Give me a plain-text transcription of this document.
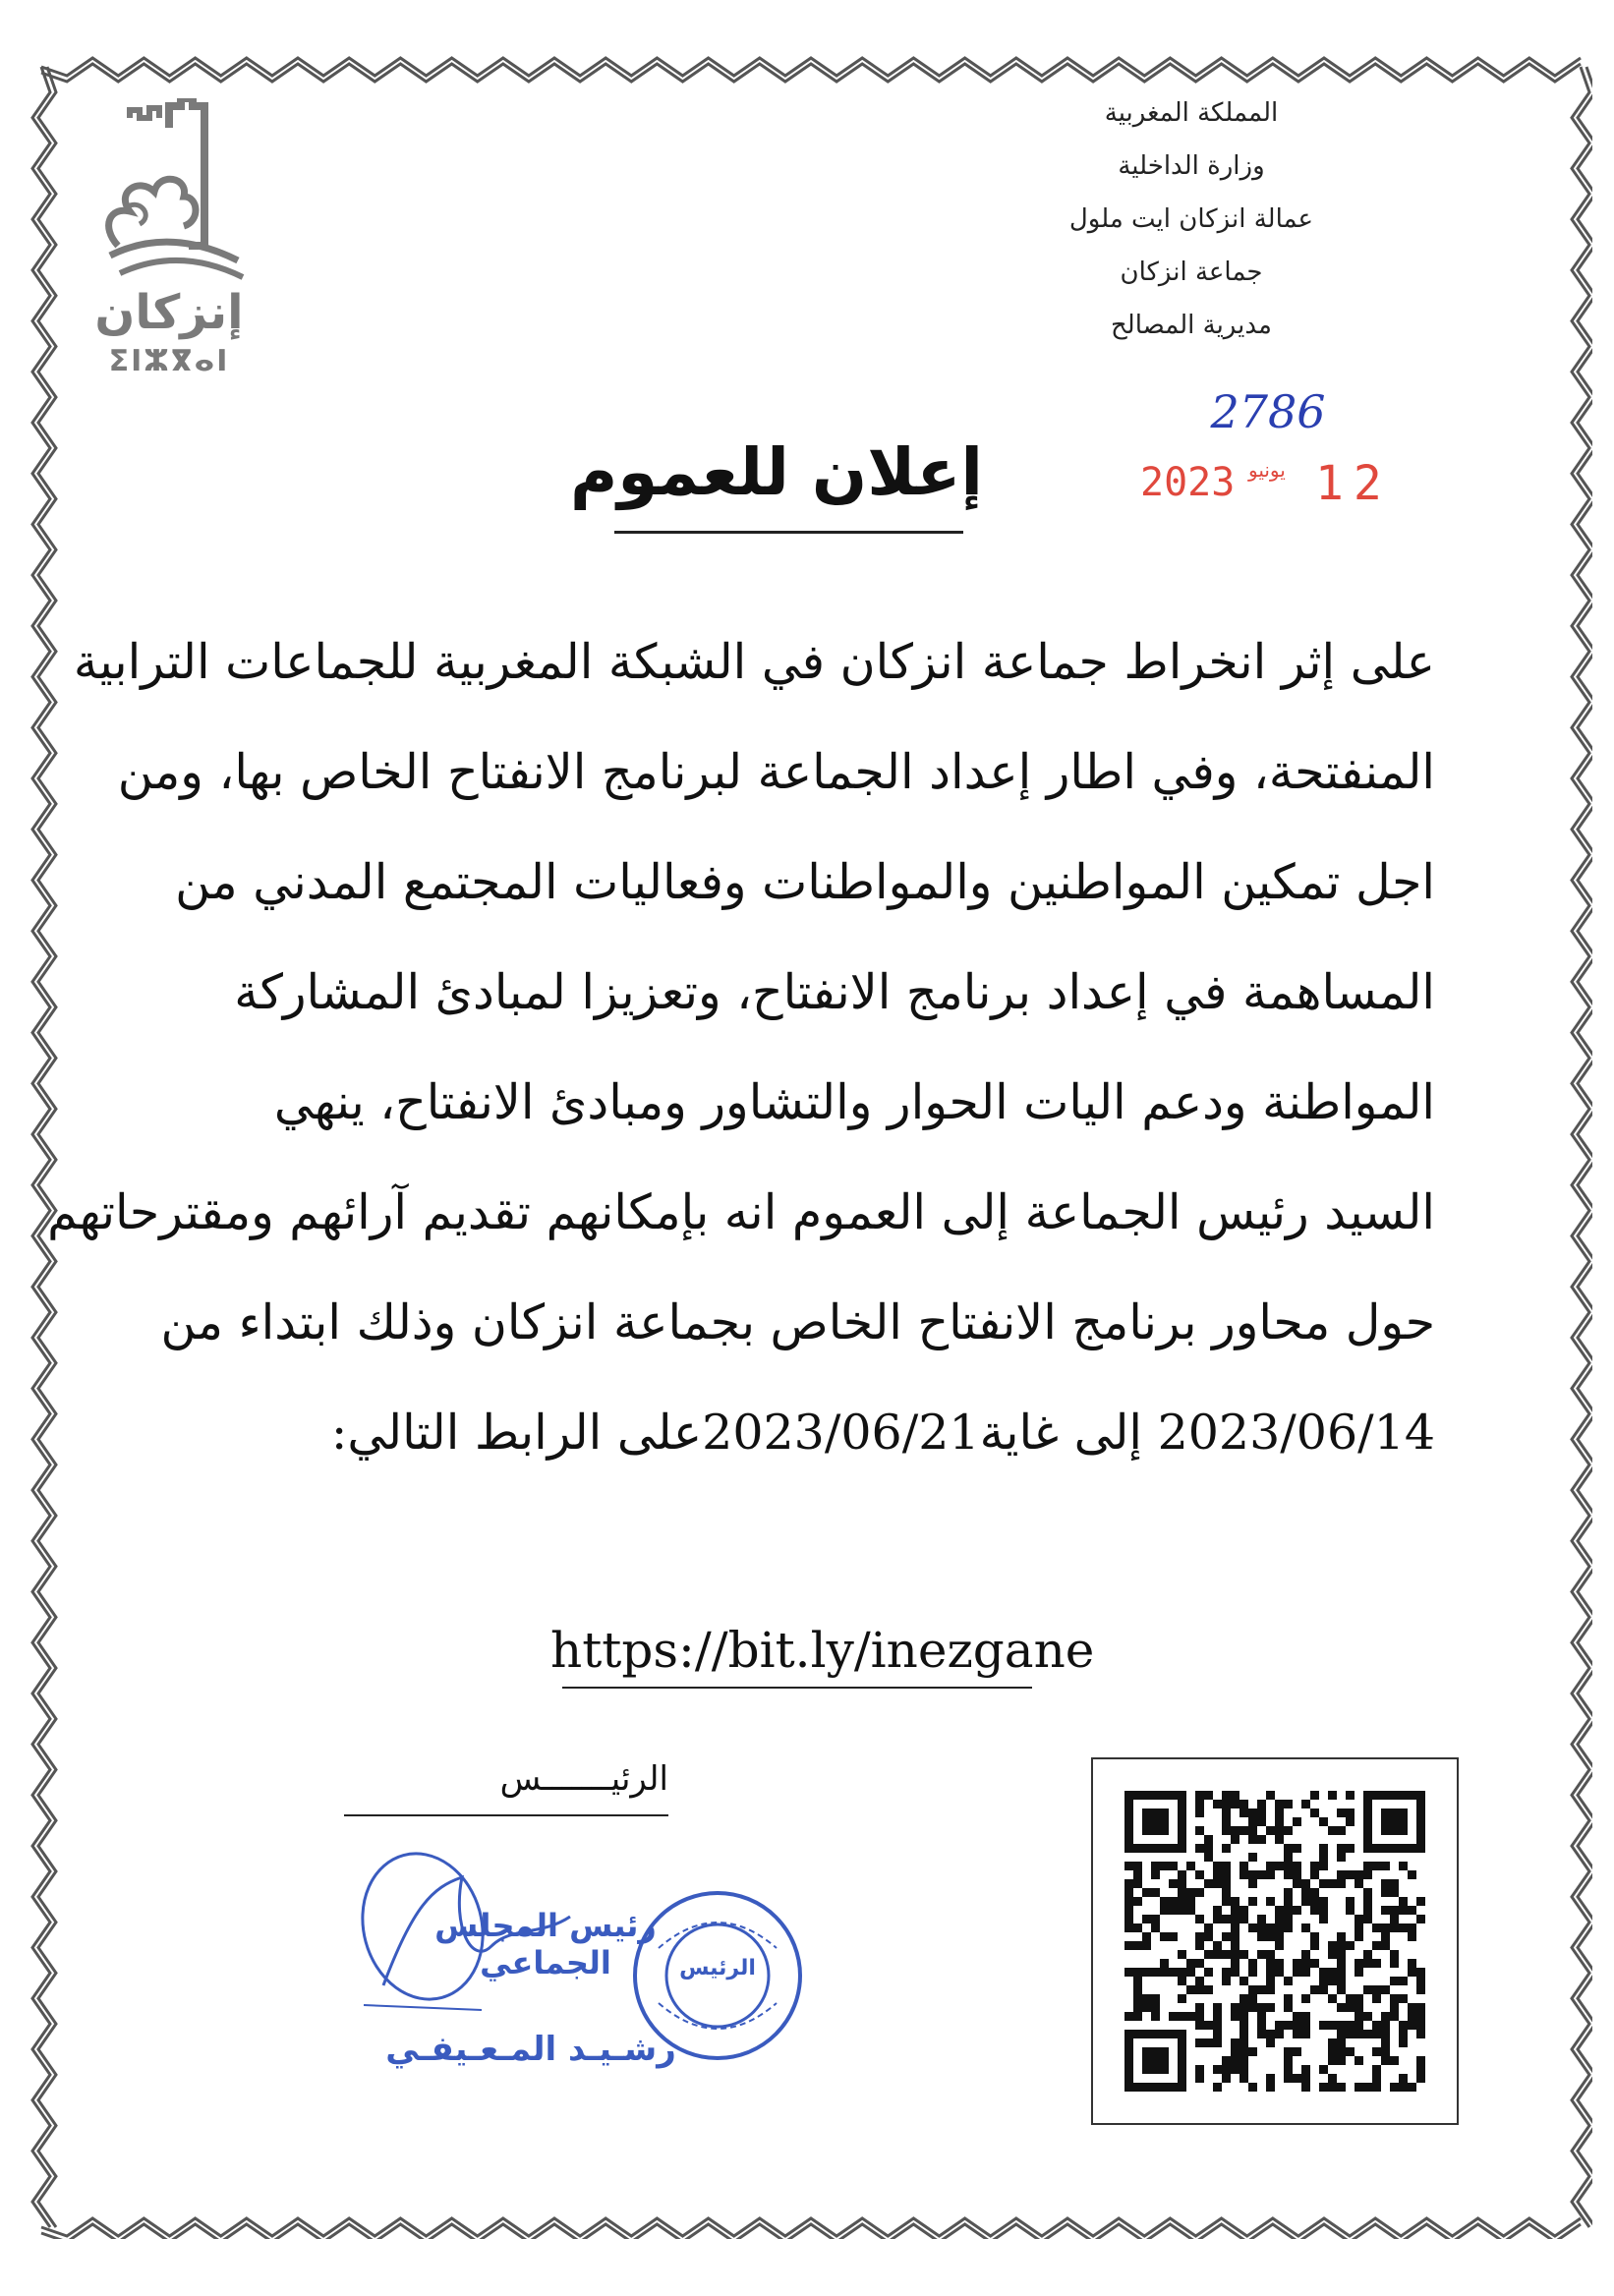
إنزكان
ⵉⵏⵣⴳⴰⵏ
المملكة المغربية
وزارة الداخلية
عمالة انزكان ايت ملول
جماعة انزكان
مديرية المصالح
2786
2023 يونيو 12
إعلان للعموم
على إثر انخراط جماعة انزكان في الشبكة المغربية للجماعات الترابية
المنفتحة، وفي اطار إعداد الجماعة لبرنامج الانفتاح الخاص بها، ومن
اجل تمكين المواطنين والمواطنات وفعاليات المجتمع المدني من
المساهمة في إعداد برنامج الانفتاح، وتعزيزا لمبادئ المشاركة
المواطنة ودعم اليات الحوار والتشاور ومبادئ الانفتاح، ينهي
السيد رئيس الجماعة إلى العموم انه بإمكانهم تقديم آرائهم ومقترحاتهم
حول محاور برنامج الانفتاح الخاص بجماعة انزكان وذلك ابتداء من
2023/06/14 إلى غاية2023/06/21على الرابط التالي:
https://bit.ly/inezgane
الرئيـــــــس
رئيس المجلس الجماعي
رشـيـد المـعـيفـي
الرئيس
